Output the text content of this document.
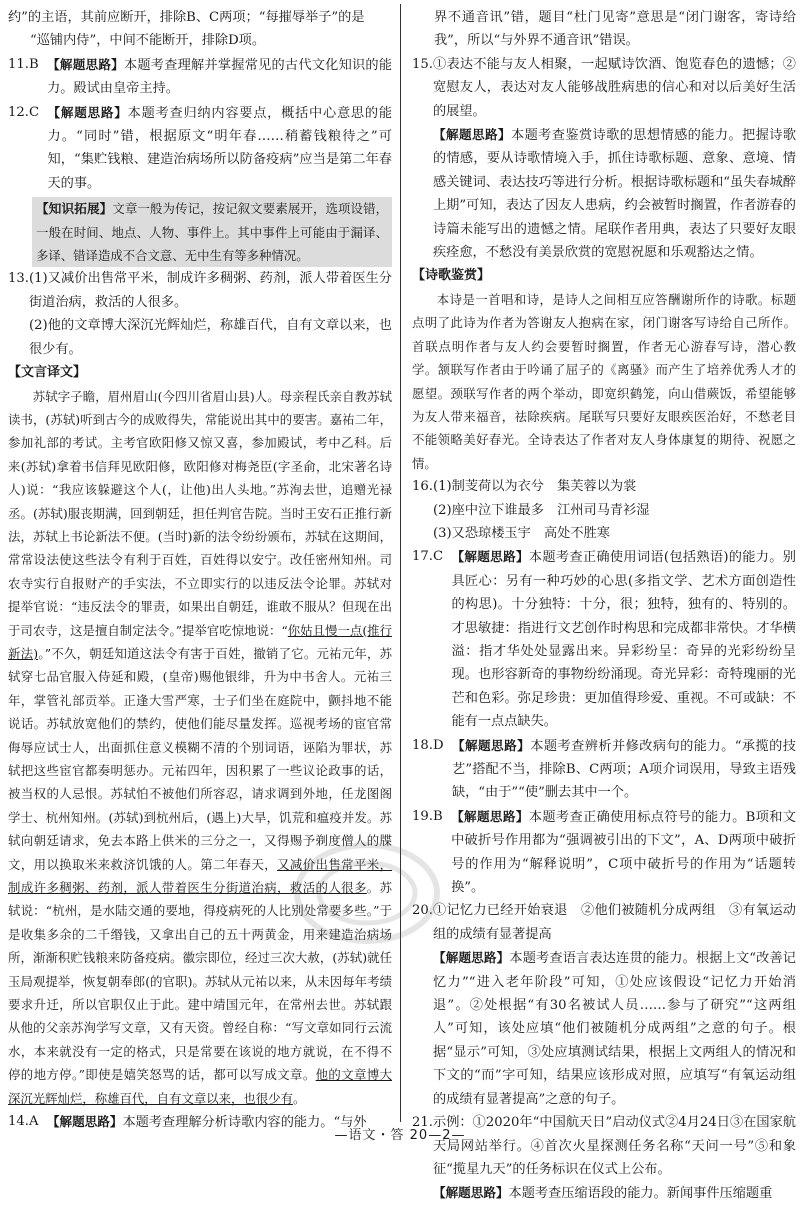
约”的主语，其前应断开，排除B、C两项；“每摧辱举子”的是
“巡铺内侍”，中间不能断开，排除D项。
11.B
【解题思路】本题考查理解并掌握常见的古代文化知识的能力。殿试由皇帝主持。
12.C
【解题思路】本题考查归纳内容要点，概括中心意思的能力。“同时”错，根据原文“明年春……稍蓄钱粮待之”可知，“集贮钱粮、建造治病场所以防备疫病”应当是第二年春天的事。
【知识拓展】文章一般为传记，按记叙文要素展开，选项设错，一般在时间、地点、人物、事件上。其中事件上可能由于漏译、多译、错译造成不合文意、无中生有等多种情况。
13. (1)又减价出售常平米，制成许多稠粥、药剂，派人带着医生分街道治病，救活的人很多。
(2)他的文章博大深沉光辉灿烂，称雄百代，自有文章以来，也很少有。
【文言译文】

苏轼字子瞻，眉州眉山(今四川省眉山县)人。母亲程氏亲自教苏轼读书，(苏轼)听到古今的成败得失，常能说出其中的要害。嘉祐二年，参加礼部的考试。主考官欧阳修又惊又喜，参加殿试，考中乙科。后来(苏轼)拿着书信拜见欧阳修，欧阳修对梅尧臣(字圣俞，北宋著名诗人)说：“我应该躲避这个人(，让他)出人头地。”苏洵去世，追赠光禄丞。(苏轼)服丧期满，回到朝廷，担任判官告院。当时王安石正推行新法，苏轼上书论新法不便。(当时)新的法令纷纷颁布，苏轼在这期间，常常设法使这些法令有利于百姓，百姓得以安宁。改任密州知州。司农寺实行自报财产的手实法，不立即实行的以违反法令论罪。苏轼对提举官说：“违反法令的罪责，如果出自朝廷，谁敢不服从？但现在出于司农寺，这是擅自制定法令。”提举官吃惊地说：“你姑且慢一点(推行新法)。”不久，朝廷知道这法令有害于百姓，撤销了它。元祐元年，苏轼穿七品官服入侍延和殿，(皇帝)赐他银绯，升为中书舍人。元祐三年，掌管礼部贡举。正逢大雪严寒，士子们坐在庭院中，颤抖地不能说话。苏轼放宽他们的禁约，使他们能尽量发挥。巡视考场的宦官常侮辱应试士人，出面抓住意义模糊不清的个别词语，诬陷为罪状，苏轼把这些宦官都奏明惩办。元祐四年，因积累了一些议论政事的话，被当权的人忌恨。苏轼怕不被他们所容忍，请求调到外地，任龙图阁学士、杭州知州。(苏轼)到杭州后，(遇上)大旱，饥荒和瘟疫并发。苏轼向朝廷请求，免去本路上供米的三分之一，又得赐予剃度僧人的牒文，用以换取米来救济饥饿的人。第二年春天，又减价出售常平米，制成许多稠粥、药剂，派人带着医生分街道治病，救活的人很多。苏轼说：“杭州，是水陆交通的要地，得疫病死的人比别处常要多些。”于是收集多余的二千缗钱，又拿出自己的五十两黄金，用来建造治病场所，渐渐积贮钱粮来防备疫病。徽宗即位，经过三次大赦，(苏轼)就任玉局观提举，恢复朝奉郎(的官职)。苏轼从元祐以来，从未因每年考绩要求升迁，所以官职仅止于此。建中靖国元年，在常州去世。苏轼跟从他的父亲苏洵学写文章，又有天资。曾经自称：“写文章如同行云流水，本来就没有一定的格式，只是常要在该说的地方就说，在不得不停的地方停。”即使是嬉笑怒骂的话，都可以写成文章。他的文章博大深沉光辉灿烂，称雄百代，自有文章以来，也很少有。

14.A
【解题思路】本题考查理解分析诗歌内容的能力。“与外
界不通音讯”错，题目“杜门见寄”意思是“闭门谢客，寄诗给我”，所以“与外界不通音讯”错误。
15. ①表达不能与友人相聚，一起赋诗饮酒、饱览春色的遗憾；②宽慰友人，表达对友人能够战胜病患的信心和对以后美好生活的展望。
【解题思路】本题考查鉴赏诗歌的思想情感的能力。把握诗歌的情感，要从诗歌情境入手，抓住诗歌标题、意象、意境、情感关键词、表达技巧等进行分析。根据诗歌标题和“虽失春城醉上期”可知，表达了因友人患病，约会被暂时搁置，作者游春的诗篇未能写出的遗憾之情。尾联作者用典，表达了只要好友眼疾痊愈，不愁没有美景欣赏的宽慰祝愿和乐观豁达之情。
【诗歌鉴赏】

本诗是一首唱和诗，是诗人之间相互应答酬谢所作的诗歌。标题点明了此诗为作者为答谢友人抱病在家，闭门谢客写诗给自己所作。首联点明作者与友人约会要暂时搁置，作者无心游春写诗，潜心教学。颔联写作者由于吟诵了屈子的《离骚》而产生了培养优秀人才的愿望。颈联写作者的两个举动，即宽织鹤笼，向山借蕨饭，希望能够为友人带来福音，祛除疾病。尾联写只要好友眼疾医治好，不愁老目不能领略美好春光。全诗表达了作者对友人身体康复的期待、祝愿之情。

16. (1)制芰荷以为衣兮　集芙蓉以为裳
(2)座中泣下谁最多　江州司马青衫湿
(3)又恐琼楼玉宇　高处不胜寒
17.C
【解题思路】本题考查正确使用词语(包括熟语)的能力。别具匠心：另有一种巧妙的心思(多指文学、艺术方面创造性的构思)。十分独特：十分，很；独特，独有的、特别的。才思敏捷：指进行文艺创作时构思和完成都非常快。才华横溢：指才华处处显露出来。异彩纷呈：奇异的光彩纷纷呈现。也形容新奇的事物纷纷涌现。奇光异彩：奇特瑰丽的光芒和色彩。弥足珍贵：更加值得珍爱、重视。不可或缺：不能有一点点缺失。
18.D
【解题思路】本题考查辨析并修改病句的能力。“承揽的技艺”搭配不当，排除B、C两项；A项介词误用，导致主语残缺，“由于”“使”删去其中一个。
19.B
【解题思路】本题考查正确使用标点符号的能力。B项和文中破折号作用都为“强调被引出的下文”，A、D两项中破折号的作用为“解释说明”，C项中破折号的作用为“话题转换”。
20. ①记忆力已经开始衰退　②他们被随机分成两组　③有氧运动组的成绩有显著提高
【解题思路】本题考查语言表达连贯的能力。根据上文“改善记忆力”“进入老年阶段”可知，①处应该假设“记忆力开始消退”。②处根据“有30名被试人员……参与了研究”“这两组人”可知，该处应填“他们被随机分成两组”之意的句子。根据“显示”可知，③处应填测试结果，根据上文两组人的情况和下文的“而”字可知，结果应该形成对照，应填写“有氧运动组的成绩有显著提高”之意的句子。
21. 示例：①2020年“中国航天日”启动仪式②4月24日③在国家航天局网站举行。④首次火星探测任务名称“天问一号”⑤和象征“揽星九天”的任务标识在仪式上公布。
【解题思路】本题考查压缩语段的能力。新闻事件压缩题重
—语文・答 20—2—
